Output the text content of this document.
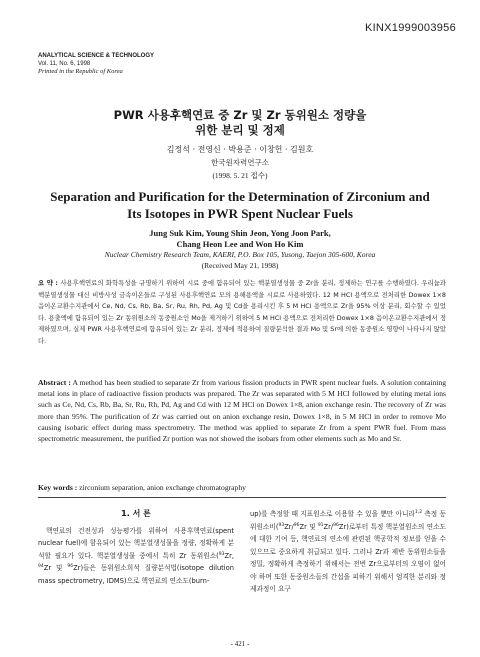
KINX1999003956
ANALYTICAL SCIENCE & TECHNOLOGY
Vol. 11, No. 6, 1998
Printed in the Republic of Korea
PWR 사용후핵연료 중 Zr 및 Zr 동위원소 정량을
위한 분리 및 정제
김정석 · 전영신 · 박용준 · 이창헌 · 김원호
한국원자력연구소
(1998. 5. 21 접수)
Separation and Purification for the Determination of Zirconium and
Its Isotopes in PWR Spent Nuclear Fuels
Jung Suk Kim, Young Shin Jeon, Yong Joon Park,
Chang Heon Lee and Won Ho Kim
Nuclear Chemistry Research Team, KAERI, P.O. Box 105, Yusong, Taejon 305-600, Korea
(Received May 21, 1998)
요 약 : 사용후핵연료의 화학특성을 규명하기 위하여 시료 중에 함유되어 있는 핵분열생성물 중 Zr을 분리, 정제하는 연구를 수행하였다. 우리늄과 핵분열생성물 대신 비방사성 금속이온들로 구성된 사용후핵연료 모의 용해용액을 시료로 사용하였다. 12 M HCl 용액으로 전처리한 Dowex 1×8 음이온교환수지관에서 Ce, Nd, Cs, Rb, Ba, Sr, Ru, Rh, Pd, Ag 및 Cd을 용리시킨 후 5 M HCl 용액으로 Zr을 95% 이상 분리, 회수할 수 있었다. 용출액에 함유되어 있는 Zr 동위원소의 동중원소인 Mo을 제거하기 위하여 5 M HCl 용액으로 전처리한 Dowex 1×8 음이온교환수지관에서 정제하였으며, 실제 PWR 사용후핵연료에 함유되어 있는 Zr 분리, 정제에 적용하여 질량분석한 결과 Mo 및 Sr에 의한 동중원소 영향이 나타나지 않았다.
Abstract : A method has been studied to separate Zr from various fission products in PWR spent nuclear fuels. A solution containing metal ions in place of radioactive fission products was prepared. The Zr was separated with 5 M HCl followed by eluting metal ions such as Ce, Nd, Cs, Rb, Ba, Sr, Ru, Rh, Pd, Ag and Cd with 12 M HCl on Dowex 1×8, anion exchange resin. The recovery of Zr was more than 95%. The purification of Zr was carried out on anion exchange resin, Dowex 1×8, in 5 M HCl in order to remove Mo causing isobaric effect during mass spectrometry. The method was applied to separate Zr from a spent PWR fuel. From mass spectrometric measurement, the purified Zr portion was not showed the isobars from other elements such as Mo and Sr.
Key words : zirconium separation, anion exchange chromatography
1. 서 론
핵연료의 건전성과 성능평가를 위하여 사용후핵연료(spent nuclear fuel)에 함유되어 있는 핵분열생성물을 정량, 정확하게 분석할 필요가 있다. 핵분열생성물 중에서 특히 Zr 동위원소($^{93}$Zr, $^{94}$Zr 및 $^{96}$Zr)들은 동위원소희석 질량분석법(isotope dilution mass spectrometry, IDMS)으로 핵연료의 연소도(burn-
up)를 측정할 때 지표원소로 이용할 수 있을 뿐만 아니라$^{1,2}$ 측정 동위원소비($^{93}$Zr/$^{96}$Zr 및 $^{91}$Zr/$^{96}$Zr)로부터 특정 핵분열원소의 연소도에 대한 기여 등, 핵연료의 연소에 관련된 핵공학적 정보를 얻을 수 있으므로 중요하게 취급되고 있다. 그러나 Zr과 제반 동위원소들을 정밀, 정확하게 측정하기 위해서는 전번 Zr으로부터의 오염이 없어야 하며 또한 동중원소들의 간섭을 피하기 위해서 엄격한 분리와 정제과정이 요구
- 421 -
